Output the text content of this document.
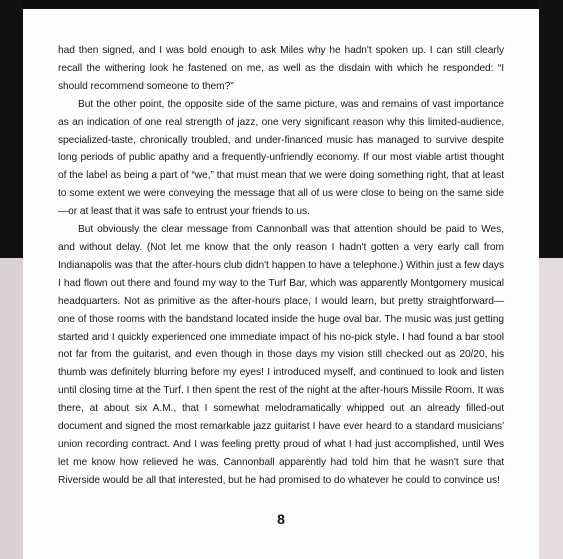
had then signed, and I was bold enough to ask Miles why he hadn't spoken up. I can still clearly recall the withering look he fastened on me, as well as the disdain with which he responded: “I should recommend someone to them?”

But the other point, the opposite side of the same picture, was and remains of vast importance as an indication of one real strength of jazz, one very significant reason why this limited-audience, specialized-taste, chronically troubled, and under-financed music has managed to survive despite long periods of public apathy and a frequently-unfriendly economy. If our most viable artist thought of the label as being a part of “we,” that must mean that we were doing something right, that at least to some extent we were conveying the message that all of us were close to being on the same side—or at least that it was safe to entrust your friends to us.

But obviously the clear message from Cannonball was that attention should be paid to Wes, and without delay. (Not let me know that the only reason I hadn't gotten a very early call from Indianapolis was that the after-hours club didn't happen to have a telephone.) Within just a few days I had flown out there and found my way to the Turf Bar, which was apparently Montgomery musical headquarters. Not as primitive as the after-hours place, I would learn, but pretty straightforward—one of those rooms with the bandstand located inside the huge oval bar. The music was just getting started and I quickly experienced one immediate impact of his no-pick style. I had found a bar stool not far from the guitarist, and even though in those days my vision still checked out as 20/20, his thumb was definitely blurring before my eyes! I introduced myself, and continued to look and listen until closing time at the Turf. I then spent the rest of the night at the after-hours Missile Room. It was there, at about six A.M., that I somewhat melodramatically whipped out an already filled-out document and signed the most remarkable jazz guitarist I have ever heard to a standard musicians' union recording contract. And I was feeling pretty proud of what I had just accomplished, until Wes let me know how relieved he was. Cannonball apparently had told him that he wasn't sure that Riverside would be all that interested, but he had promised to do whatever he could to convince us!

8
